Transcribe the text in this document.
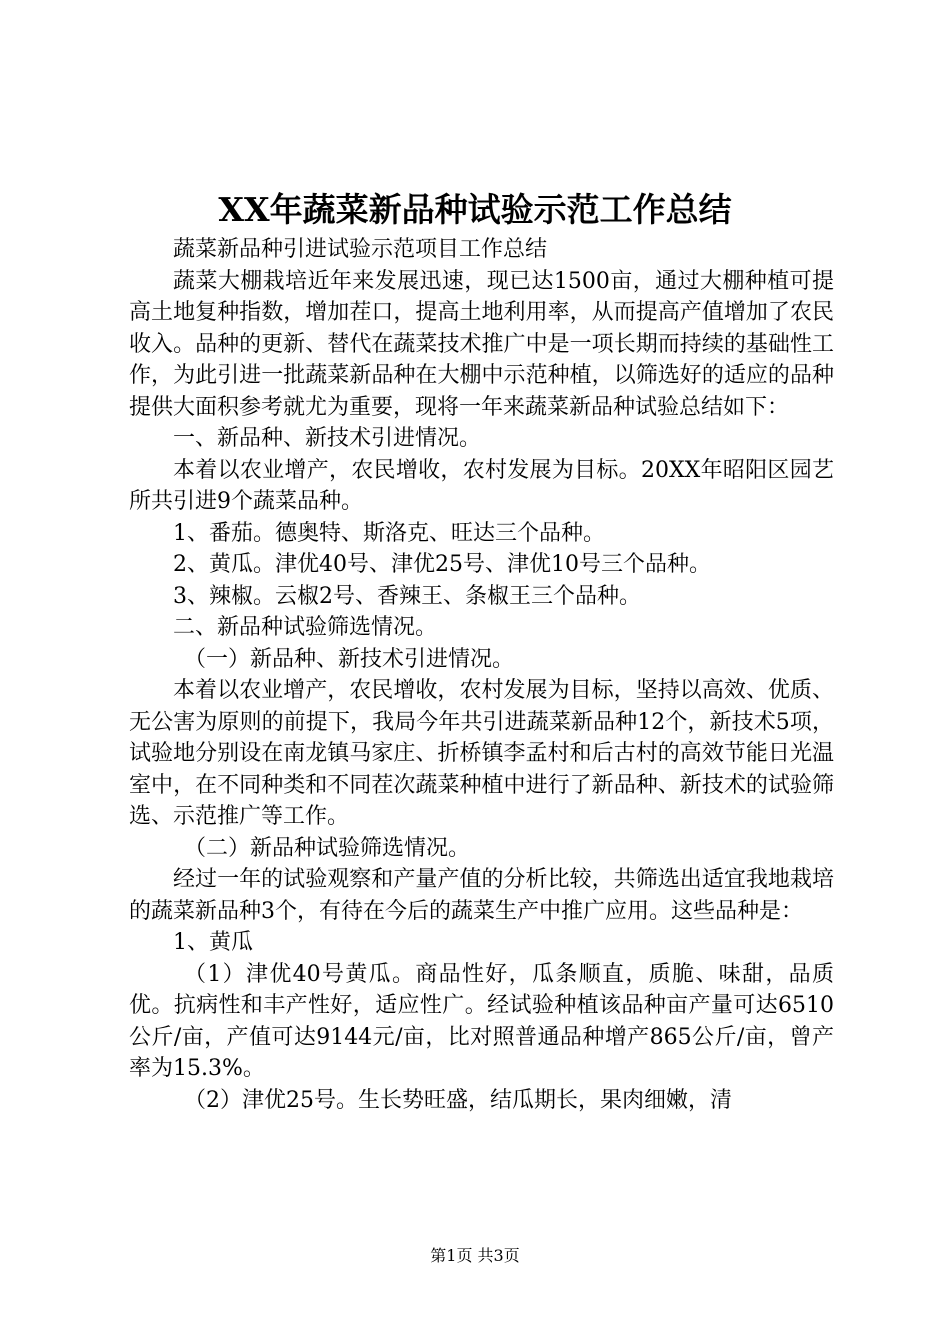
XX年蔬菜新品种试验示范工作总结

蔬菜新品种引进试验示范项目工作总结

蔬菜大棚栽培近年来发展迅速，现已达1500亩，通过大棚种植可提高土地复种指数，增加茬口，提高土地利用率，从而提高产值增加了农民收入。品种的更新、替代在蔬菜技术推广中是一项长期而持续的基础性工作，为此引进一批蔬菜新品种在大棚中示范种植，以筛选好的适应的品种提供大面积参考就尤为重要，现将一年来蔬菜新品种试验总结如下：

一、新品种、新技术引进情况。

本着以农业增产，农民增收，农村发展为目标。20XX年昭阳区园艺所共引进9个蔬菜品种。

1、番茄。德奥特、斯洛克、旺达三个品种。

2、黄瓜。津优40号、津优25号、津优10号三个品种。

3、辣椒。云椒2号、香辣王、条椒王三个品种。

二、新品种试验筛选情况。

（一）新品种、新技术引进情况。

本着以农业增产，农民增收，农村发展为目标，坚持以高效、优质、无公害为原则的前提下，我局今年共引进蔬菜新品种12个，新技术5项，试验地分别设在南龙镇马家庄、折桥镇李孟村和后古村的高效节能日光温室中，在不同种类和不同茬次蔬菜种植中进行了新品种、新技术的试验筛选、示范推广等工作。

（二）新品种试验筛选情况。

经过一年的试验观察和产量产值的分析比较，共筛选出适宜我地栽培的蔬菜新品种3个，有待在今后的蔬菜生产中推广应用。这些品种是：

1、黄瓜

（1）津优40号黄瓜。商品性好，瓜条顺直，质脆、味甜，品质优。抗病性和丰产性好，适应性广。经试验种植该品种亩产量可达6510公斤/亩，产值可达9144元/亩，比对照普通品种增产865公斤/亩，曾产率为15.3%。

（2）津优25号。生长势旺盛，结瓜期长，果肉细嫩，清

第1页 共3页
